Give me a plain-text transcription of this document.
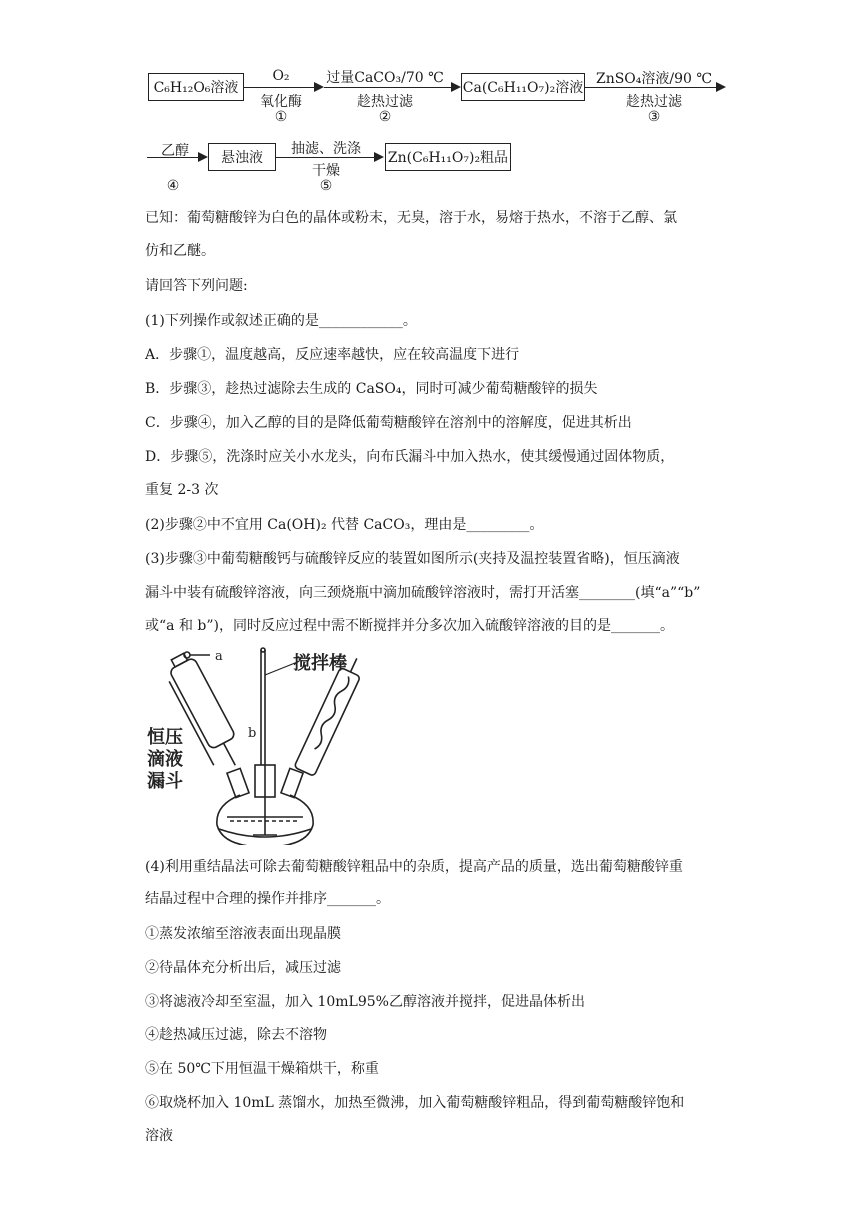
C₆H₁₂O₆溶液
O₂
氧化酶
①
过量CaCO₃/70 ℃
趁热过滤
②
Ca(C₆H₁₁O₇)₂溶液
ZnSO₄溶液/90 ℃
趁热过滤
③
乙醇
④
悬浊液
抽滤、洗涤
干燥
⑤
Zn(C₆H₁₁O₇)₂粗品
已知：葡萄糖酸锌为白色的晶体或粉末，无臭，溶于水，易熔于热水，不溶于乙醇、氯
仿和乙醚。
请回答下列问题:
(1)下列操作或叙述正确的是____________。
A．步骤①，温度越高，反应速率越快，应在较高温度下进行
B．步骤③，趁热过滤除去生成的 CaSO₄，同时可减少葡萄糖酸锌的损失
C．步骤④，加入乙醇的目的是降低葡萄糖酸锌在溶剂中的溶解度，促进其析出
D．步骤⑤，洗涤时应关小水龙头，向布氏漏斗中加入热水，使其缓慢通过固体物质，
重复 2-3 次
(2)步骤②中不宜用 Ca(OH)₂ 代替 CaCO₃，理由是_________。
(3)步骤③中葡萄糖酸钙与硫酸锌反应的装置如图所示(夹持及温控装置省略)，恒压滴液
漏斗中装有硫酸锌溶液，向三颈烧瓶中滴加硫酸锌溶液时，需打开活塞________(填“a”“b”
或“a 和 b”)，同时反应过程中需不断搅拌并分多次加入硫酸锌溶液的目的是_______。
a
b
搅拌棒
恒压
滴液
漏斗
(4)利用重结晶法可除去葡萄糖酸锌粗品中的杂质，提高产品的质量，选出葡萄糖酸锌重
结晶过程中合理的操作并排序_______。
①蒸发浓缩至溶液表面出现晶膜
②待晶体充分析出后，减压过滤
③将滤液冷却至室温，加入 10mL95%乙醇溶液并搅拌，促进晶体析出
④趁热减压过滤，除去不溶物
⑤在 50℃下用恒温干燥箱烘干，称重
⑥取烧杯加入 10mL 蒸馏水，加热至微沸，加入葡萄糖酸锌粗品，得到葡萄糖酸锌饱和
溶液
